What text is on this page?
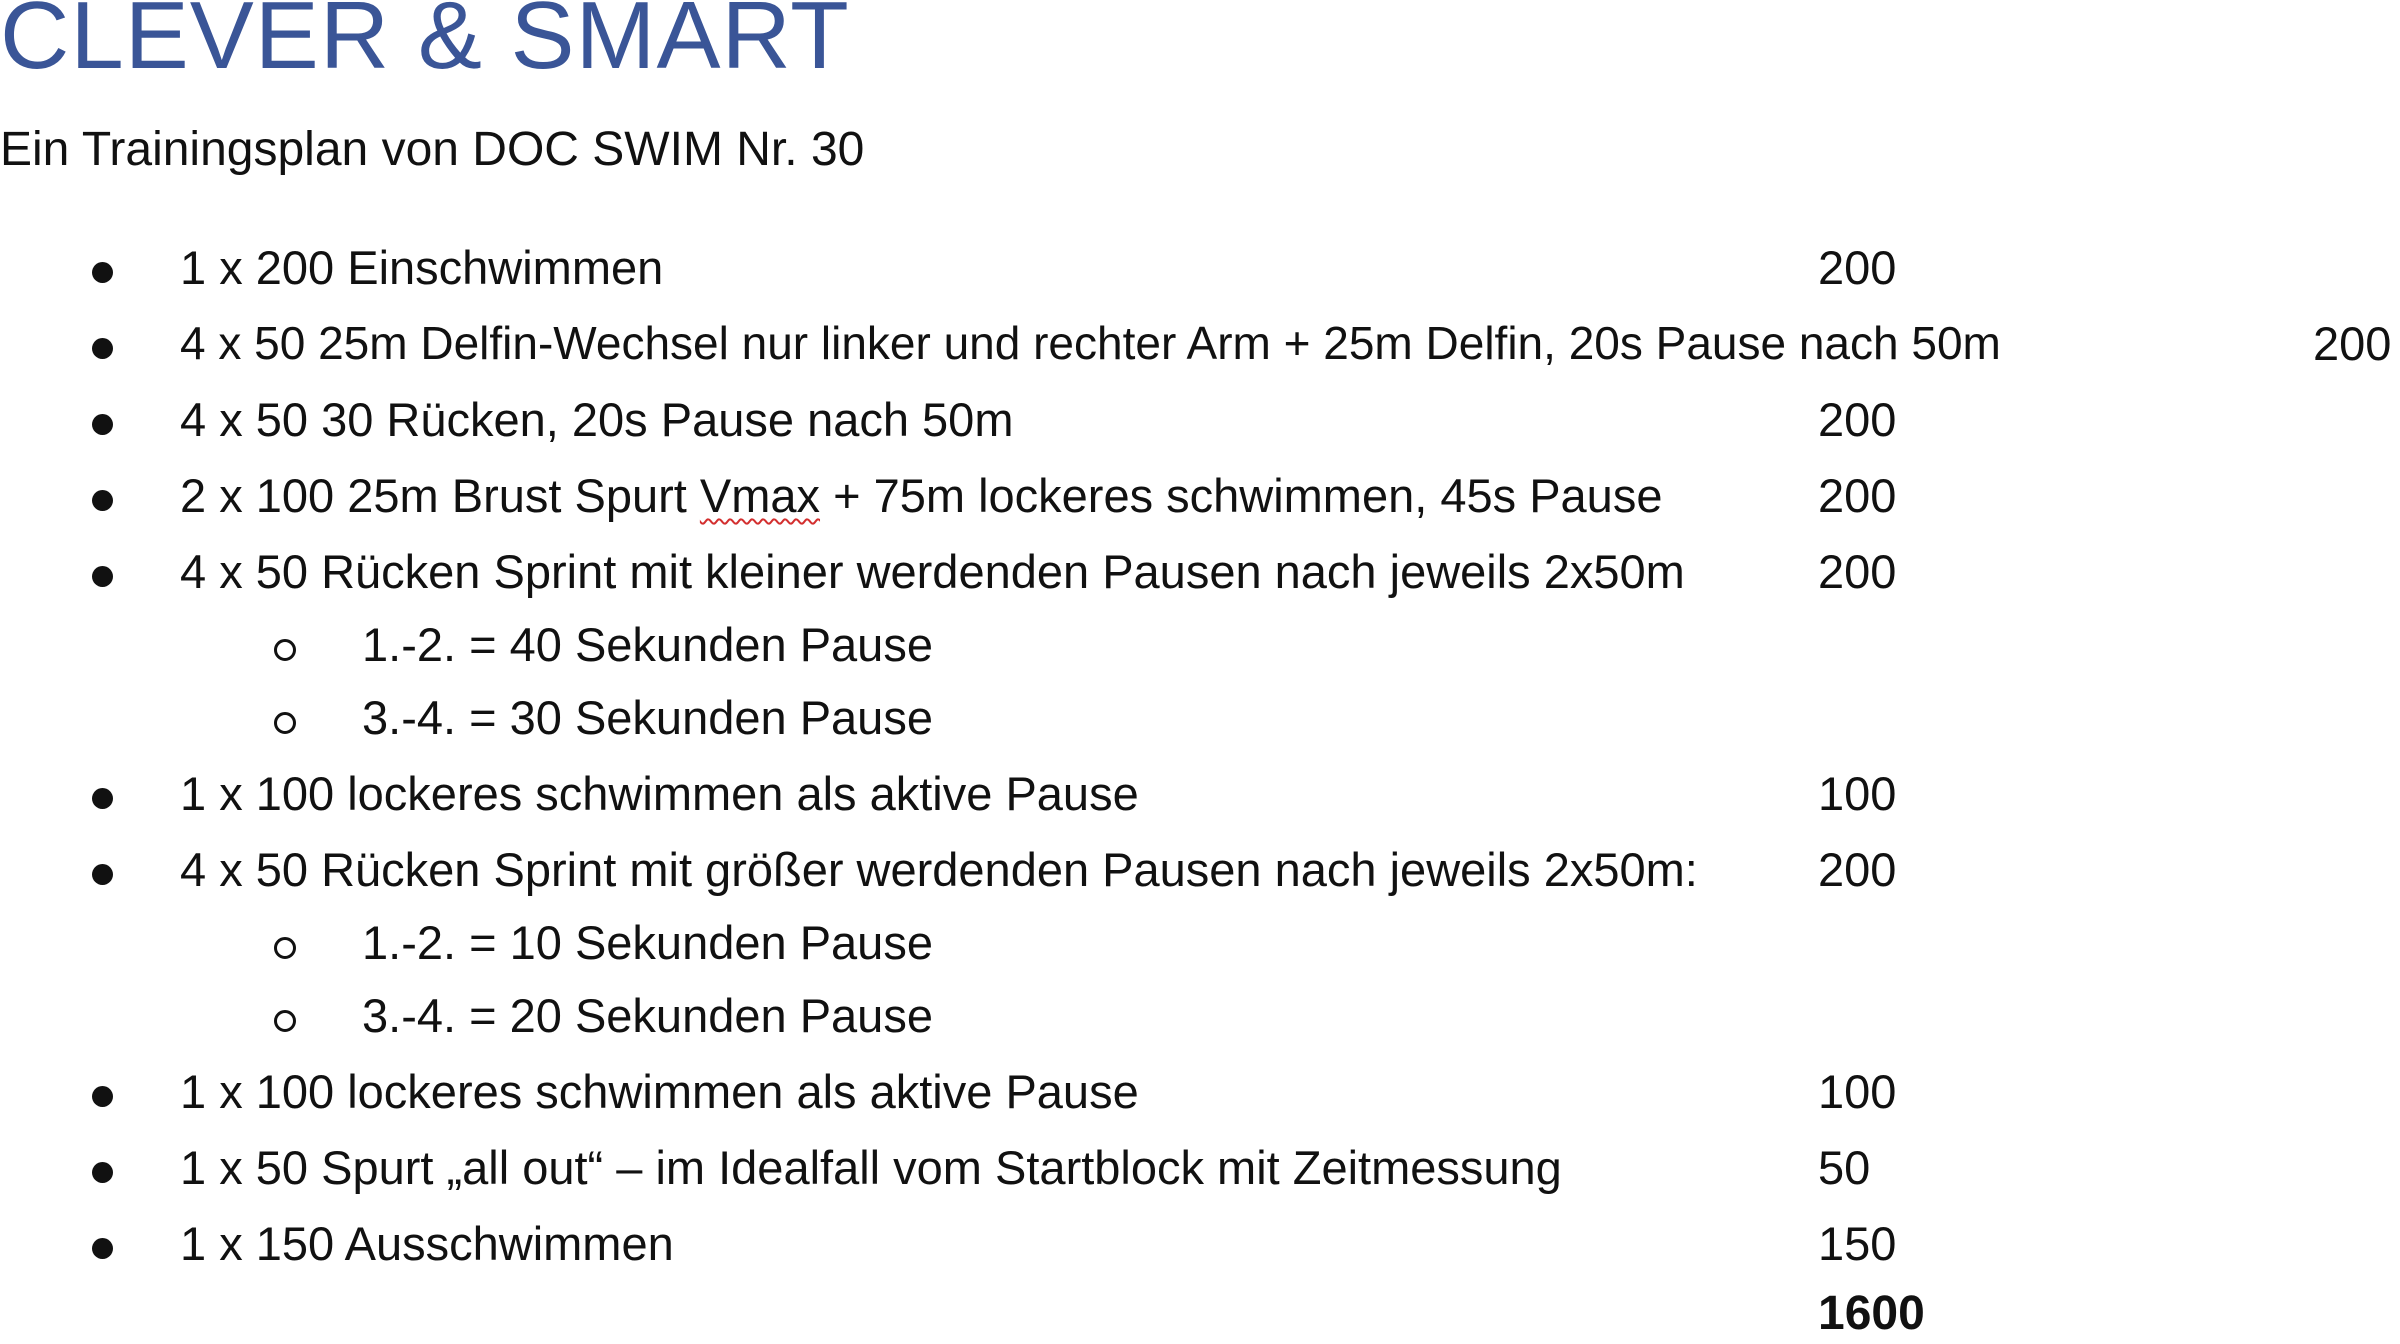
CLEVER & SMART
Ein Trainingsplan von DOC SWIM Nr. 30
1 x 200 Einschwimmen	200
4 x 50 25m Delfin-Wechsel nur linker und rechter Arm + 25m Delfin, 20s Pause nach 50m	200
4 x 50 30 Rücken, 20s Pause nach 50m	200
2 x 100 25m Brust Spurt Vmax + 75m lockeres schwimmen, 45s Pause	200
4 x 50 Rücken Sprint mit kleiner werdenden Pausen nach jeweils 2x50m	200
1.-2. = 40 Sekunden Pause
3.-4. = 30 Sekunden Pause
1 x 100 lockeres schwimmen als aktive Pause	100
4 x 50 Rücken Sprint mit größer werdenden Pausen nach jeweils 2x50m:	200
1.-2. = 10 Sekunden Pause
3.-4. = 20 Sekunden Pause
1 x 100 lockeres schwimmen als aktive Pause	100
1 x 50 Spurt „all out“ – im Idealfall vom Startblock mit Zeitmessung	50
1 x 150 Ausschwimmen	150
1600
